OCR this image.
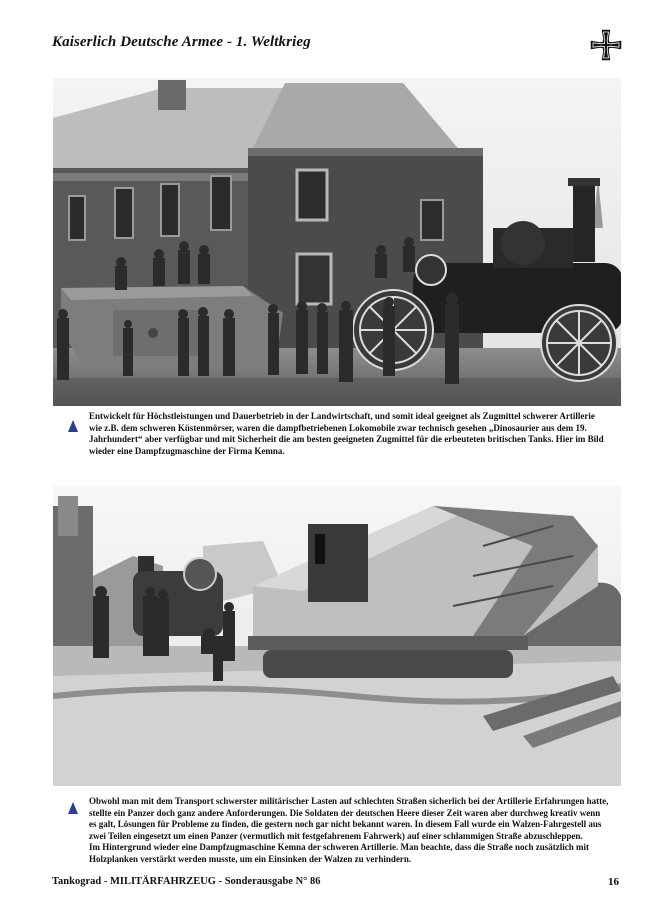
Kaiserlich Deutsche Armee - 1. Weltkrieg

Entwickelt für Höchstleistungen und Dauerbetrieb in der Landwirtschaft, und somit ideal geeignet als Zugmittel schwerer Artillerie

wie z.B. dem schweren Küstenmörser, waren die dampfbetriebenen Lokomobile zwar technisch gesehen „Dinosaurier aus dem 19.

Jahrhundert“ aber verfügbar und mit Sicherheit die am besten geeigneten Zugmittel für die erbeuteten britischen Tanks. Hier im Bild

wieder eine Dampfzugmaschine der Firma Kemna.

Obwohl man mit dem Transport schwerster militärischer Lasten auf schlechten Straßen sicherlich bei der Artillerie Erfahrungen hatte,

stellte ein Panzer doch ganz andere Anforderungen. Die Soldaten der deutschen Heere dieser Zeit waren aber durchweg kreativ wenn

es galt, Lösungen für Probleme zu finden, die gestern noch gar nicht bekannt waren. In diesem Fall wurde ein Walzen-Fahrgestell aus

zwei Teilen eingesetzt um einen Panzer (vermutlich mit festgefahrenem Fahrwerk) auf einer schlammigen Straße abzuschleppen.

Im Hintergrund wieder eine Dampfzugmaschine Kemna der schweren Artillerie. Man beachte, dass die Straße noch zusätzlich mit

Holzplanken verstärkt werden musste, um ein Einsinken der Walzen zu verhindern.

Tankograd - MILITÄRFAHRZEUG - Sonderausgabe N° 86	16
